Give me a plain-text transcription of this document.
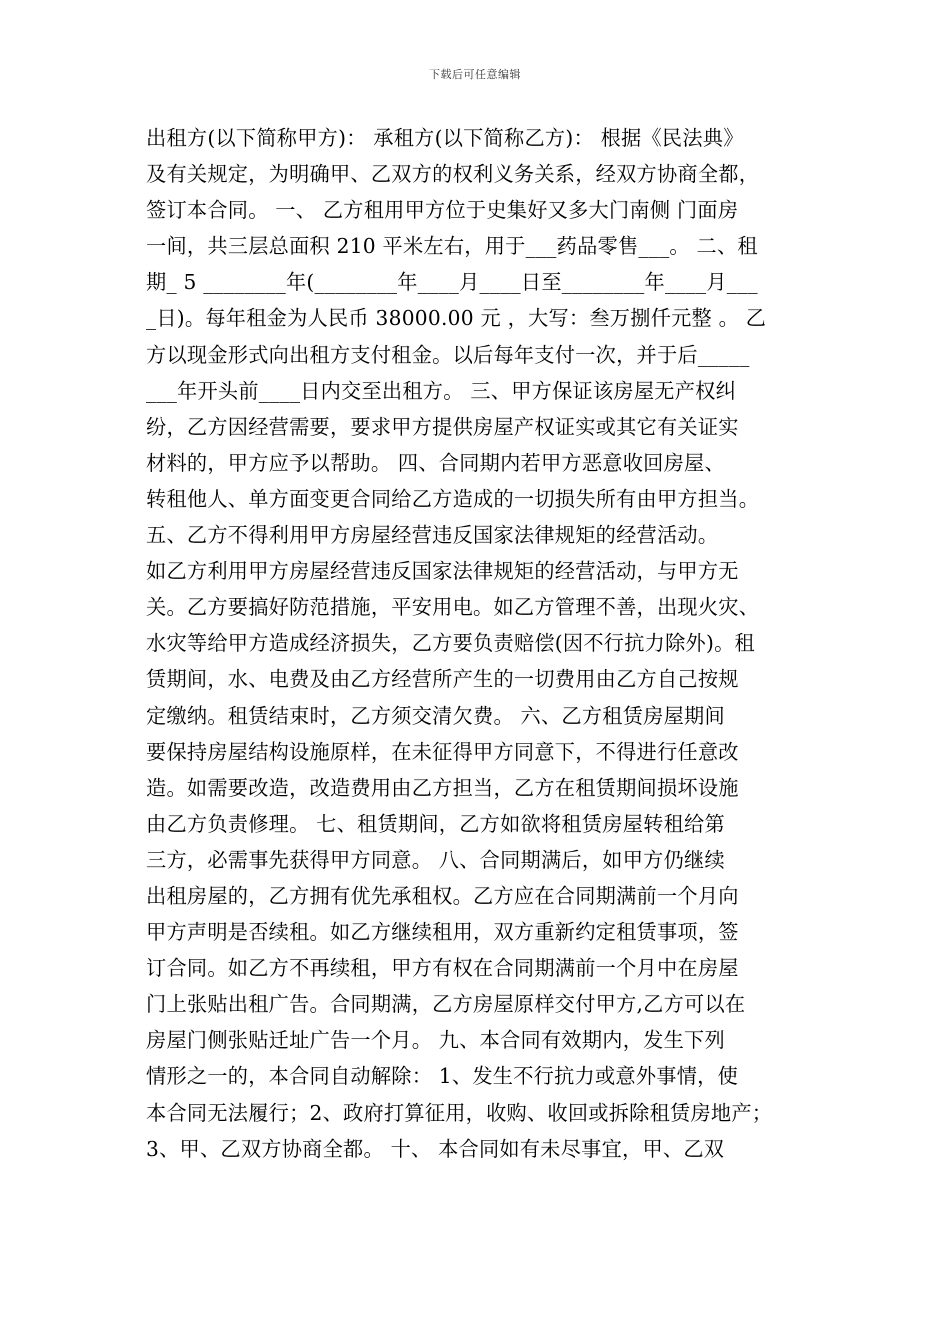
下载后可任意编辑
出租方(以下简称甲方)： 承租方(以下简称乙方)： 根据《民法典》
及有关规定，为明确甲、乙双方的权利义务关系，经双方协商全都，
签订本合同。 一、 乙方租用甲方位于史集好又多大门南侧 门面房
一间，共三层总面积 210 平米左右，用于___药品零售___。 二、租
期_ 5 ________年(________年____月____日至________年____月___
_日)。每年租金为人民币 38000.00 元 ，大写：叁万捌仟元整 。 乙
方以现金形式向出租方支付租金。以后每年支付一次，并于后_____
___年开头前____日内交至出租方。 三、甲方保证该房屋无产权纠
纷，乙方因经营需要，要求甲方提供房屋产权证实或其它有关证实
材料的，甲方应予以帮助。 四、合同期内若甲方恶意收回房屋、
转租他人、单方面变更合同给乙方造成的一切损失所有由甲方担当。
五、乙方不得利用甲方房屋经营违反国家法律规矩的经营活动。
如乙方利用甲方房屋经营违反国家法律规矩的经营活动，与甲方无
关。乙方要搞好防范措施，平安用电。如乙方管理不善，出现火灾、
水灾等给甲方造成经济损失，乙方要负责赔偿(因不行抗力除外)。租
赁期间，水、电费及由乙方经营所产生的一切费用由乙方自己按规
定缴纳。租赁结束时，乙方须交清欠费。 六、乙方租赁房屋期间
要保持房屋结构设施原样，在未征得甲方同意下，不得进行任意改
造。如需要改造，改造费用由乙方担当，乙方在租赁期间损坏设施
由乙方负责修理。 七、租赁期间，乙方如欲将租赁房屋转租给第
三方，必需事先获得甲方同意。 八、合同期满后，如甲方仍继续
出租房屋的，乙方拥有优先承租权。乙方应在合同期满前一个月向
甲方声明是否续租。如乙方继续租用，双方重新约定租赁事项，签
订合同。如乙方不再续租，甲方有权在合同期满前一个月中在房屋
门上张贴出租广告。合同期满，乙方房屋原样交付甲方,乙方可以在
房屋门侧张贴迁址广告一个月。 九、本合同有效期内，发生下列
情形之一的，本合同自动解除： 1、发生不行抗力或意外事情，使
本合同无法履行；2、政府打算征用，收购、收回或拆除租赁房地产；
3、甲、乙双方协商全都。 十、 本合同如有未尽事宜，甲、乙双
